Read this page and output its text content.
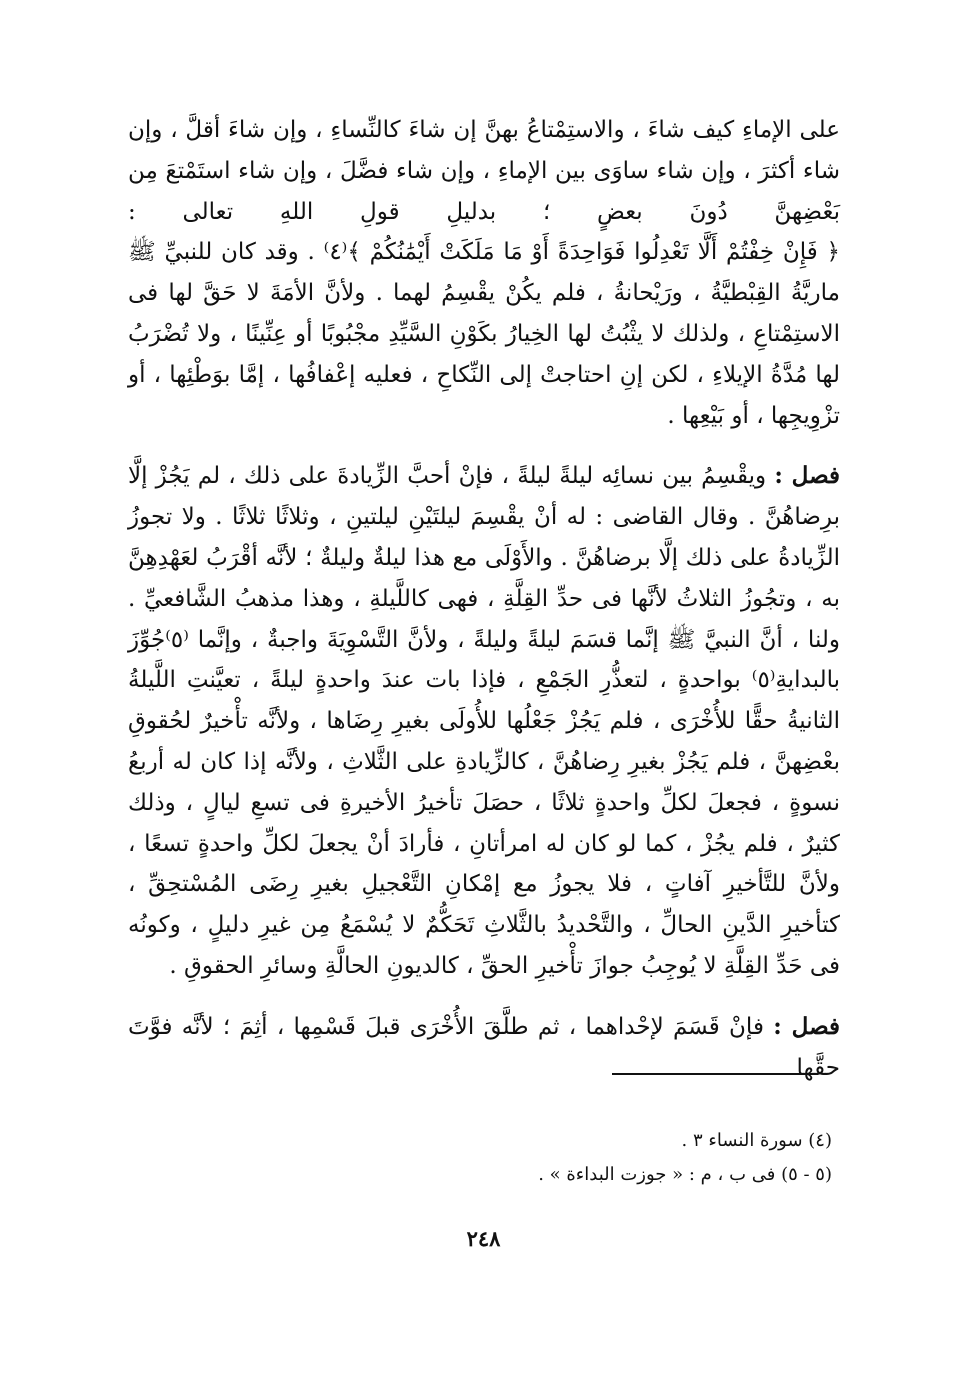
على الإماءِ كيف شاءَ ، والاستِمْتاعُ بهنَّ إن شاءَ كالنِّساءِ ، وإن شاءَ أقلَّ ، وإن شاء أكثرَ ، وإن شاء ساوَى بين الإماءِ ، وإن شاء فضَّلَ ، وإن شاء استَمْتعَ مِن بَعْضِهنَّ دُونَ بعضٍ ؛ بدليلِ قولِ اللهِ تعالى : ﴿ فَإِنْ خِفْتُمْ أَلَّا تَعْدِلُوا فَوَاحِدَةً أَوْ مَا مَلَكَتْ أَيْمَٰنُكُمْ ﴾⁽٤⁾ . وقد كان للنبيِّ ﷺ ماريَّةُ القِبْطيَّةُ ، ورَيْحانةُ ، فلم يكُنْ يقْسِمُ لهما . ولأنَّ الأمَةَ لا حَقَّ لها فى الاستِمْتاعِ ، ولذلك لا يثْبُتُ لها الخِيارُ بكَوْنِ السَّيِّدِ مجْبُوبًا أو عِنِّينًا ، ولا تُضْرَبُ لها مُدَّةُ الإيلاءِ ، لكن إنِ احتاجتْ إلى النِّكاحِ ، فعليه إعْفافُها ، إمَّا بوَطْئِها ، أو تزْوِيجِها ، أو بَيْعِها .

فصل : ويقْسِمُ بين نسائِه ليلةً ليلةً ، فإنْ أحبَّ الزِّيادةَ على ذلك ، لم يَجُزْ إلَّا برِضاهُنَّ . وقال القاضى : له أنْ يقْسِمَ ليلتَيْنِ ليلتينِ ، وثلاثًا ثلاثًا . ولا تجوزُ الزِّيادةُ على ذلك إلَّا برضاهُنَّ . والأَوْلَى مع هذا ليلةٌ وليلةٌ ؛ لأنَّه أقْرَبُ لعَهْدِهِنَّ به ، وتجُوزُ الثلاثُ لأنَّها فى حدِّ القِلَّةِ ، فهى كاللَّيلةِ ، وهذا مذهبُ الشَّافعيِّ . ولنا ، أنَّ النبيَّ ﷺ إنَّما قسَمَ ليلةً وليلةً ، ولأنَّ التَّسْوِيَةَ واجبةٌ ، وإنَّما ⁽٥⁾جُوِّزَ بالبدايةِ⁽٥⁾ بواحدةٍ ، لتعذُّرِ الجَمْعِ ، فإذا بات عندَ واحدةٍ ليلةً ، تعيَّنتِ اللَّيلةُ الثانيةُ حقًّا للأُخْرَى ، فلم يَجُزْ جَعْلُها للأُولَى بغيرِ رِضَاها ، ولأنَّه تأْخيرٌ لحُقوقِ بعْضِهنَّ ، فلم يَجُزْ بغيرِ رِضاهُنَّ ، كالزِّيادةِ على الثَّلاثِ ، ولأنَّه إذا كان له أربعُ نسوةٍ ، فجعلَ لكلِّ واحدةٍ ثلاثًا ، حصَلَ تأخيرُ الأخيرةِ فى تسعِ ليالٍ ، وذلك كثيرٌ ، فلم يجُزْ ، كما لو كان له امرأتانِ ، فأرادَ أنْ يجعلَ لكلِّ واحدةٍ تسعًا ، ولأنَّ للتَّأخيرِ آفاتٍ ، فلا يجوزُ مع إمْكانِ التَّعْجيلِ بغيرِ رِضَى المُسْتحِقِّ ، كتأخيرِ الدَّينِ الحالِّ ، والتَّحْديدُ بالثَّلاثِ تَحَكُّمٌ لا يُسْمَعُ مِن غيرِ دليلٍ ، وكونُه فى حَدِّ القِلَّةِ لا يُوجِبُ جوازَ تأْخيرِ الحقِّ ، كالديونِ الحالَّةِ وسائرِ الحقوقِ .

فصل : فإنْ قَسَمَ لإحْداهما ، ثم طلَّقَ الأُخْرَى قبلَ قَسْمِها ، أثِمَ ؛ لأنَّه فوَّتَ حقَّها

(٤) سورة النساء ٣ .
(٥ - ٥) فى ب ، م : « جوزت البداءة » .
٢٤٨
